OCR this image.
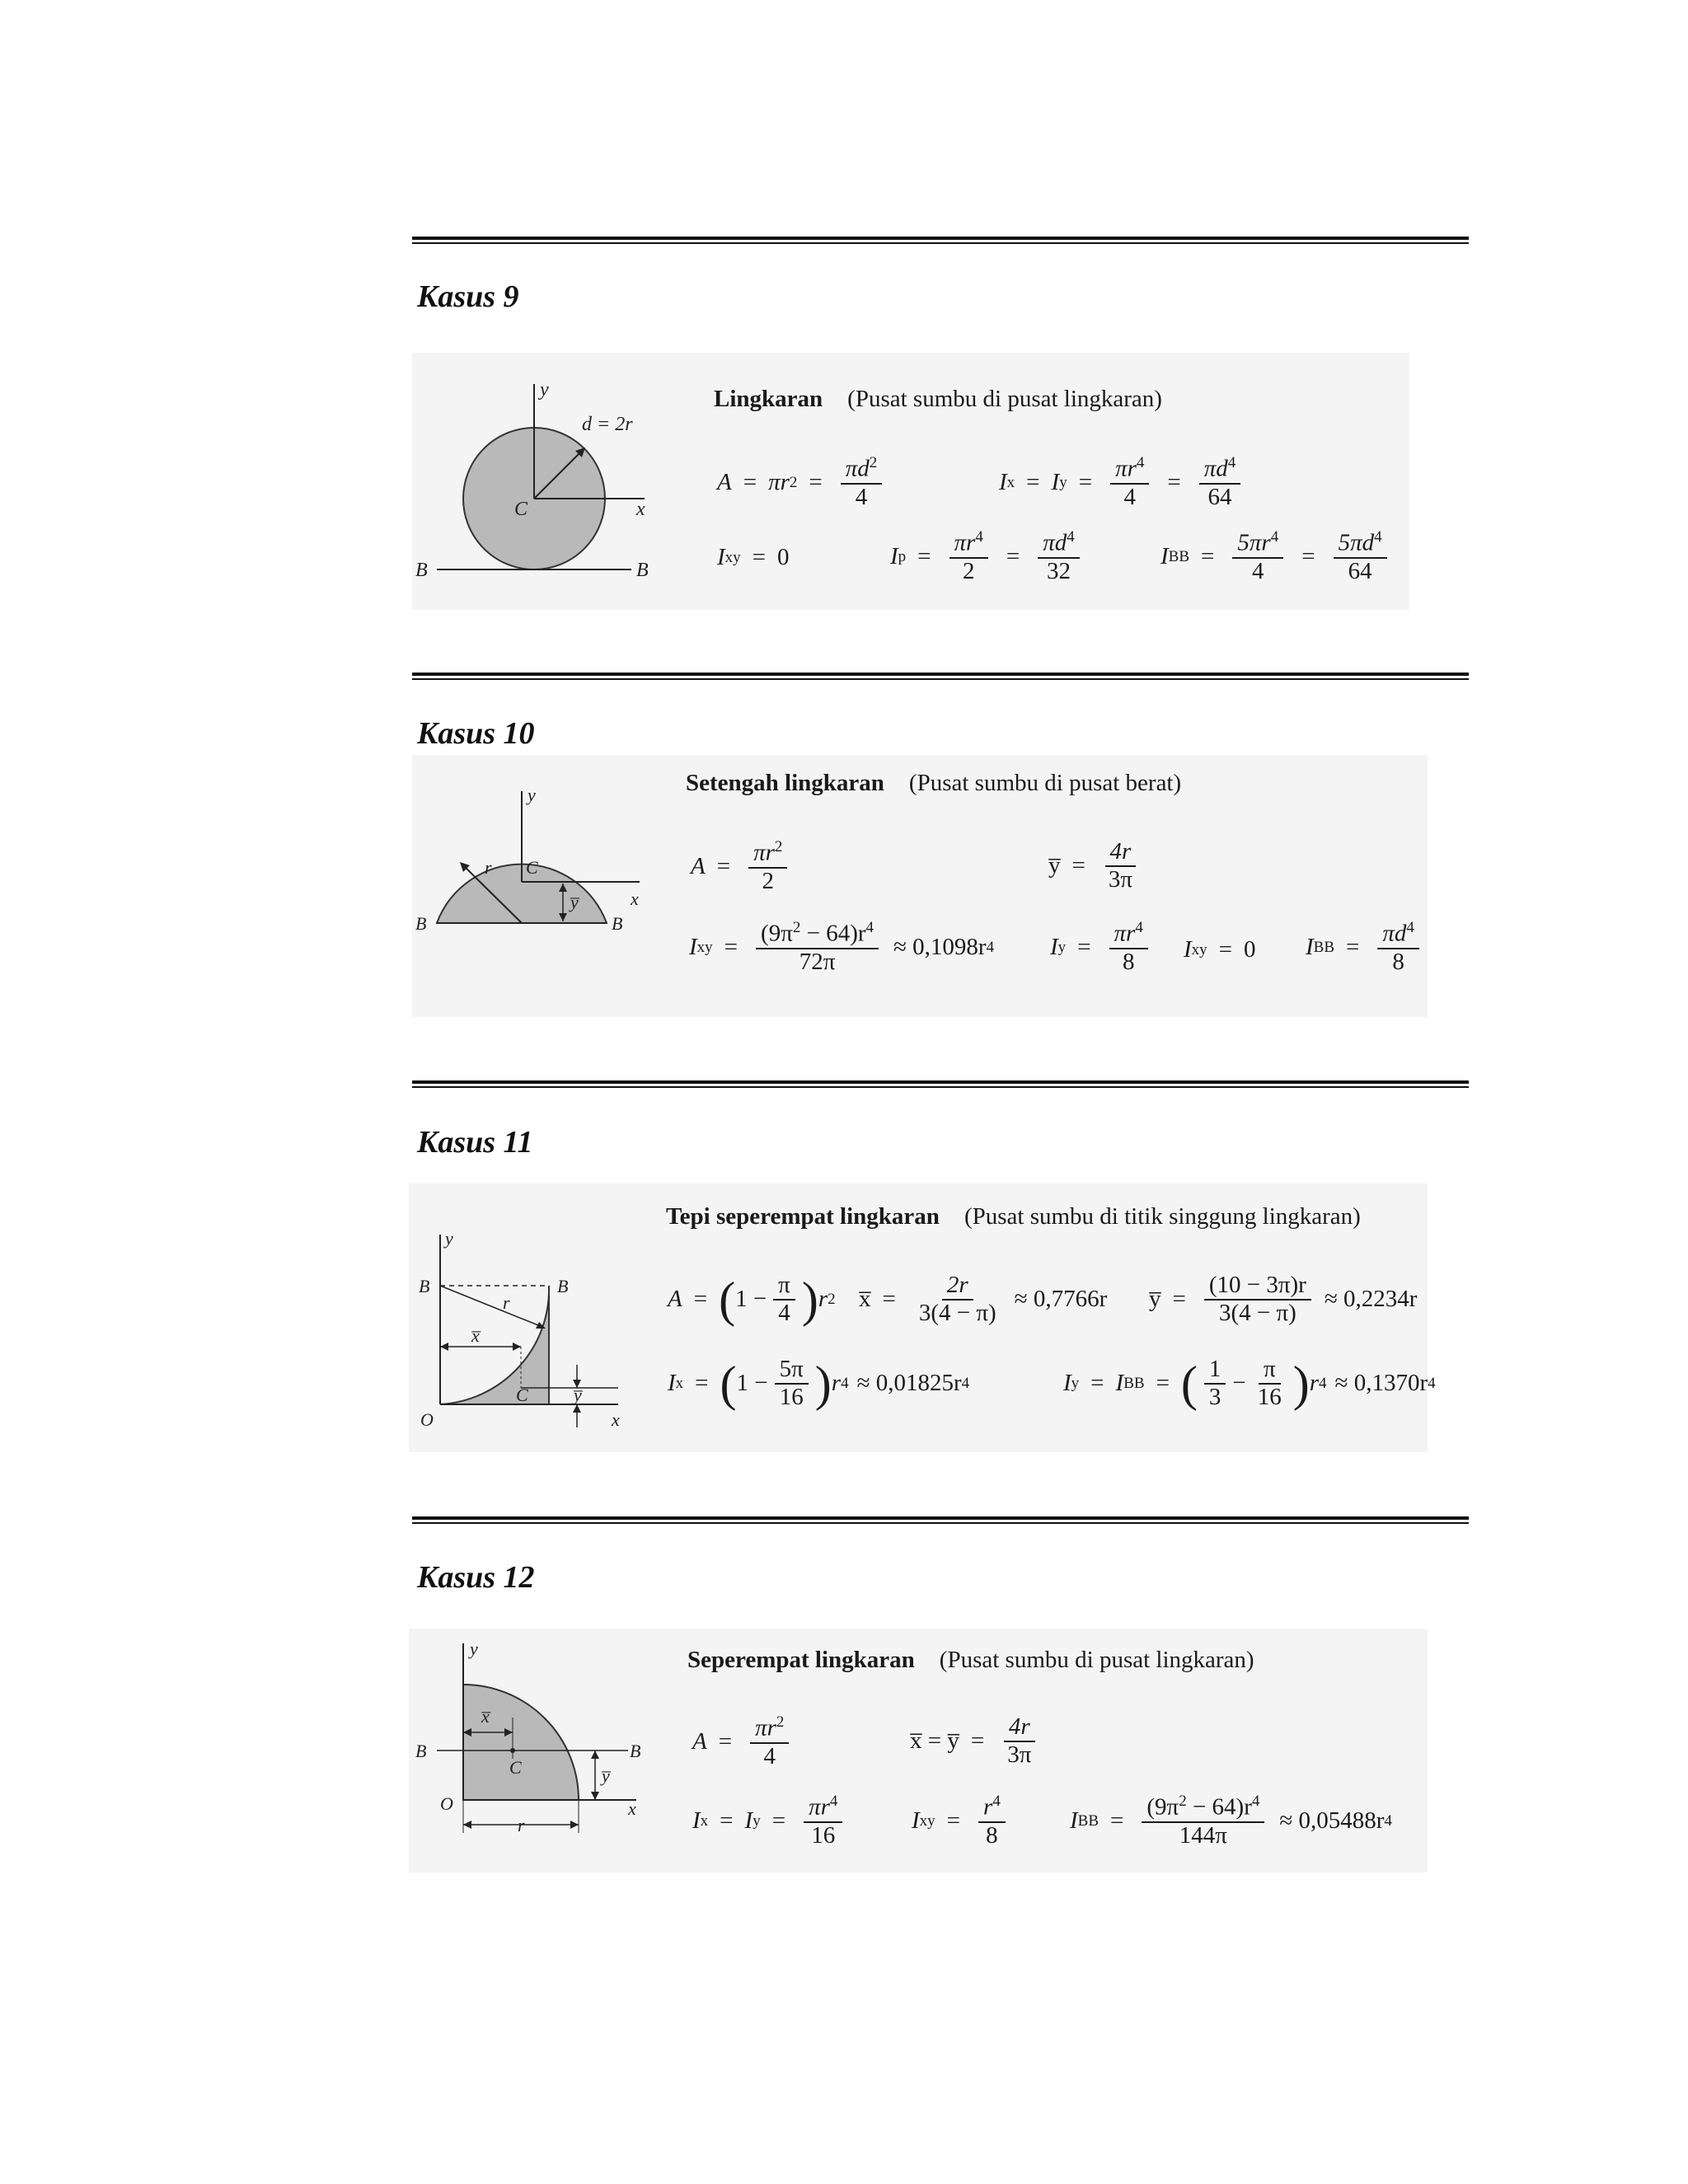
Kasus 9
y
d = 2r
C	x
B	B
Lingkaran (Pusat sumbu di pusat lingkaran)
A = πr $2 = \frac{\pi d^2}{4}$	I x = I $y = \frac{\pi r^4}{4} = \frac{\pi d^4}{64}$
I xy = 0	I $p = \frac{\pi r^4}{2} = \frac{\pi d^4}{32}$	I BB = $\frac{5\pi r^4}{4} = \frac{5\pi d^4}{64}$
Kasus 10
y
r C
x
y̅
B	B
Setengah lingkaran (Pusat sumbu di pusat berat)
$A = \frac{\pi r^2}{2}$	y̅ = $\frac{4r}{3\pi}$
I xy = $\frac{(9\pi^2 - 64)r^4}{72\pi} \approx 0,1098r$ 4 I $y = \frac{\pi r^4}{8}$ I xy = 0 I BB = $\frac{\pi d^4}{8}$
Kasus 11
y
B	B
r
x̅
C	y̅
O	x
Tepi seperempat lingkaran (Pusat sumbu di titik singgung lingkaran)
A = ( $1 - \frac{\pi}{4}$ ) r 2 x̅ = $\frac{2r}{3(4 - \pi)} \approx 0,7766r$ y̅ = $\frac{(10 - 3\pi)r}{3(4 - \pi)} \approx 0,2234r$
I x = ( $1 - \frac{5\pi}{16}$ ) r 4 ≈ 0,01825r 4	I y = I BB = ( $\frac{1}{3} - \frac{\pi}{16}$ ) r 4 ≈ 0,1370r 4
Kasus 12
y
x̅
B	B
C	y̅
O	x
r
Seperempat lingkaran (Pusat sumbu di pusat lingkaran)
$A = \frac{\pi r^2}{4}$	x̅ = y̅ = $\frac{4r}{3\pi}$
I x = I $y = \frac{\pi r^4}{16}$	I xy = $\frac{r^4}{8}$	I BB = $\frac{(9\pi^2 - 64)r^4}{144\pi} \approx 0,05488r$ 4
